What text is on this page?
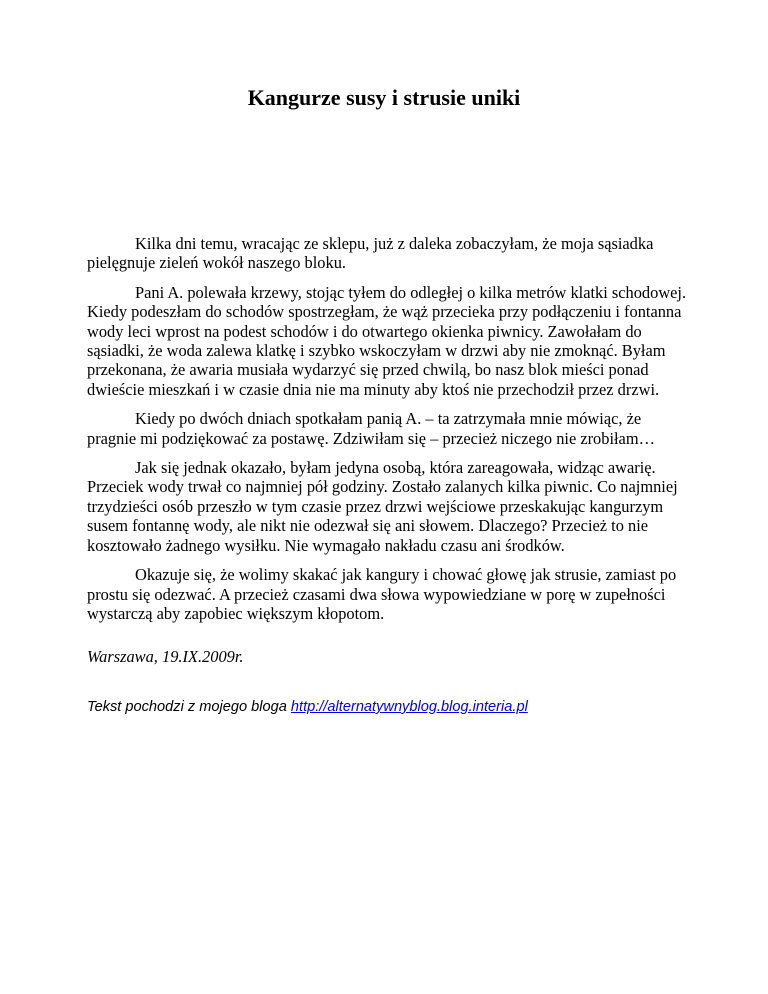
Kangurze susy i strusie uniki

Kilka dni temu, wracając ze sklepu, już z daleka zobaczyłam, że moja sąsiadka pielęgnuje zieleń wokół naszego bloku.

Pani A. polewała krzewy, stojąc tyłem do odległej o kilka metrów klatki schodowej. Kiedy podeszłam do schodów spostrzegłam, że wąż przecieka przy podłączeniu i fontanna wody leci wprost na podest schodów i do otwartego okienka piwnicy. Zawołałam do sąsiadki, że woda zalewa klatkę i szybko wskoczyłam w drzwi aby nie zmoknąć. Byłam przekonana, że awaria musiała wydarzyć się przed chwilą, bo nasz blok mieści ponad dwieście mieszkań i w czasie dnia nie ma minuty aby ktoś nie przechodził przez drzwi.

Kiedy po dwóch dniach spotkałam panią A. – ta zatrzymała mnie mówiąc, że pragnie mi podziękować za postawę. Zdziwiłam się – przecież niczego nie zrobiłam…

Jak się jednak okazało, byłam jedyna osobą, która zareagowała, widząc awarię. Przeciek wody trwał co najmniej pół godziny. Zostało zalanych kilka piwnic. Co najmniej trzydzieści osób przeszło w tym czasie przez drzwi wejściowe przeskakując kangurzym susem fontannę wody, ale nikt nie odezwał się ani słowem. Dlaczego? Przecież to nie kosztowało żadnego wysiłku. Nie wymagało nakładu czasu ani środków.

Okazuje się, że wolimy skakać jak kangury i chować głowę jak strusie, zamiast po prostu się odezwać. A przecież czasami dwa słowa wypowiedziane w porę w zupełności wystarczą aby zapobiec większym kłopotom.

Warszawa, 19.IX.2009r.

Tekst pochodzi z mojego bloga http://alternatywnyblog.blog.interia.pl
